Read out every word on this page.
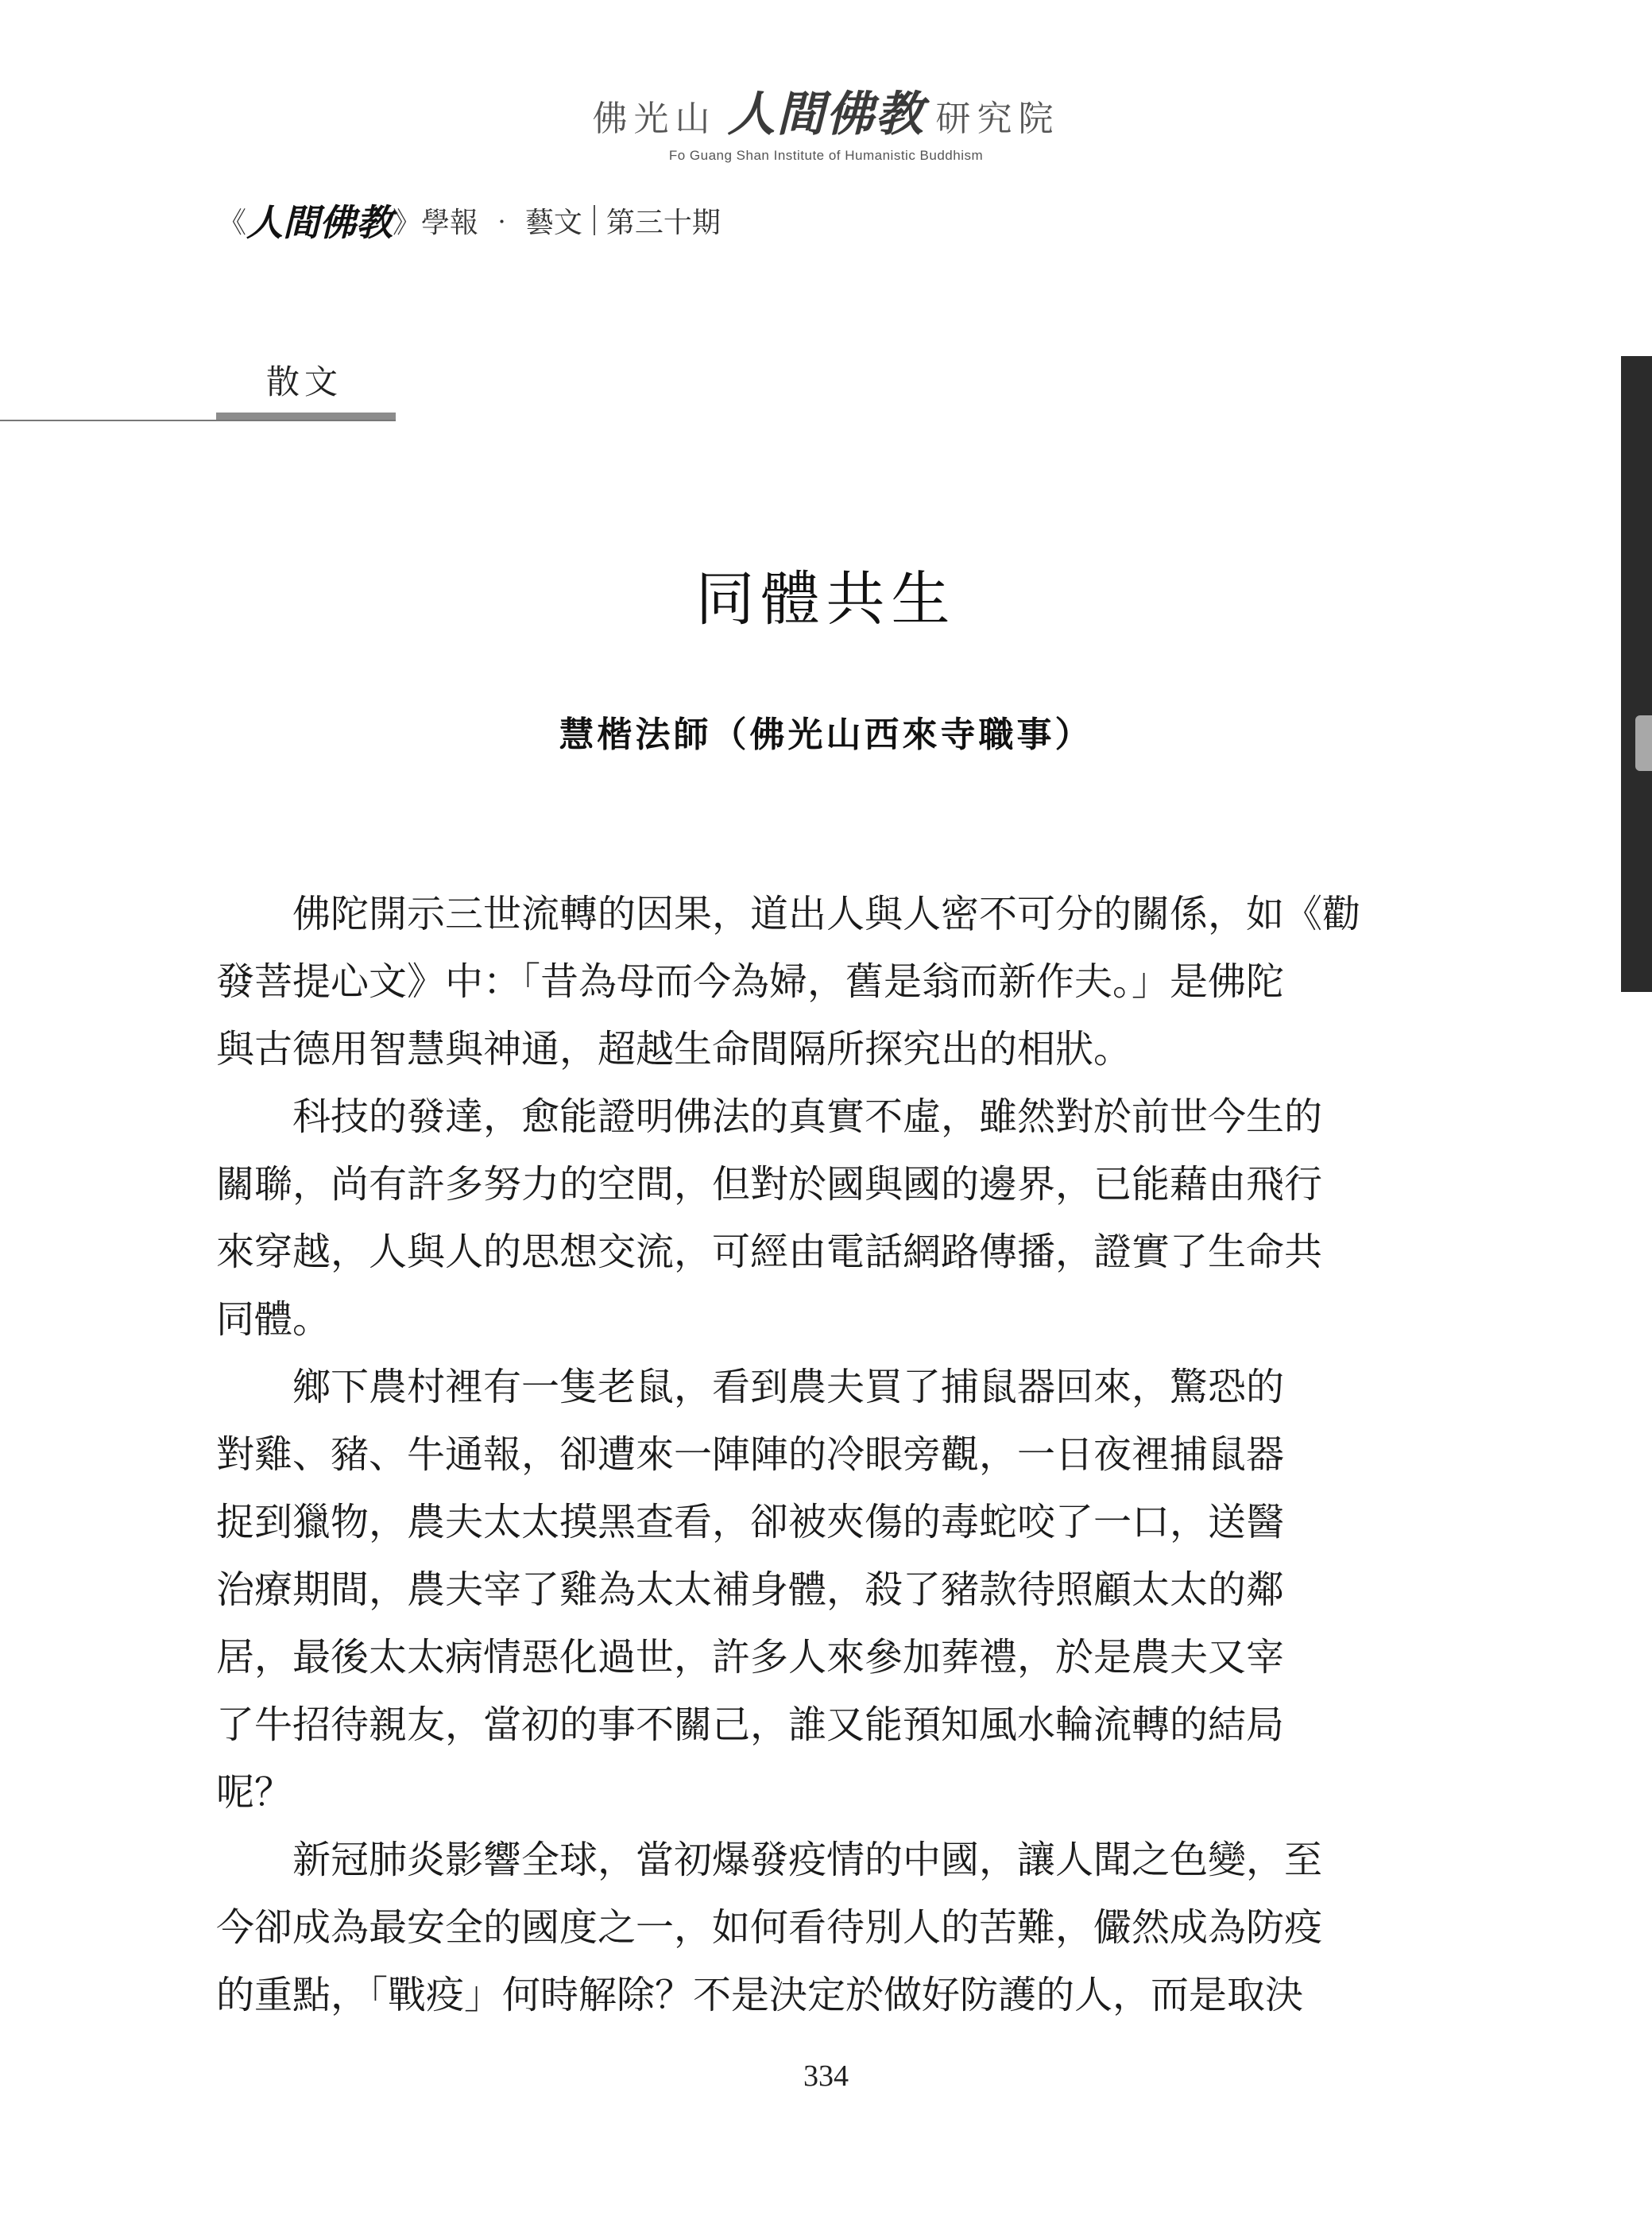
佛光山 人間佛教 研究院
Fo Guang Shan Institute of Humanistic Buddhism
《 人間佛教 》 學報 ‧ 藝文 第三十期
散文
同體共生
慧楷法師（佛光山西來寺職事）
　　佛陀開示三世流轉的因果，道出人與人密不可分的關係，如《勸
發菩提心文》中：「昔為母而今為婦，舊是翁而新作夫。」是佛陀
與古德用智慧與神通，超越生命間隔所探究出的相狀。
　　科技的發達，愈能證明佛法的真實不虛，雖然對於前世今生的
關聯，尚有許多努力的空間，但對於國與國的邊界，已能藉由飛行
來穿越，人與人的思想交流，可經由電話網路傳播，證實了生命共
同體。
　　鄉下農村裡有一隻老鼠，看到農夫買了捕鼠器回來，驚恐的
對雞、豬、牛通報，卻遭來一陣陣的冷眼旁觀，一日夜裡捕鼠器
捉到獵物，農夫太太摸黑查看，卻被夾傷的毒蛇咬了一口，送醫
治療期間，農夫宰了雞為太太補身體，殺了豬款待照顧太太的鄰
居，最後太太病情惡化過世，許多人來參加葬禮，於是農夫又宰
了牛招待親友，當初的事不關己，誰又能預知風水輪流轉的結局
呢？
　　新冠肺炎影響全球，當初爆發疫情的中國，讓人聞之色變，至
今卻成為最安全的國度之一，如何看待別人的苦難，儼然成為防疫
的重點，「戰疫」何時解除？不是決定於做好防護的人，而是取決
334
